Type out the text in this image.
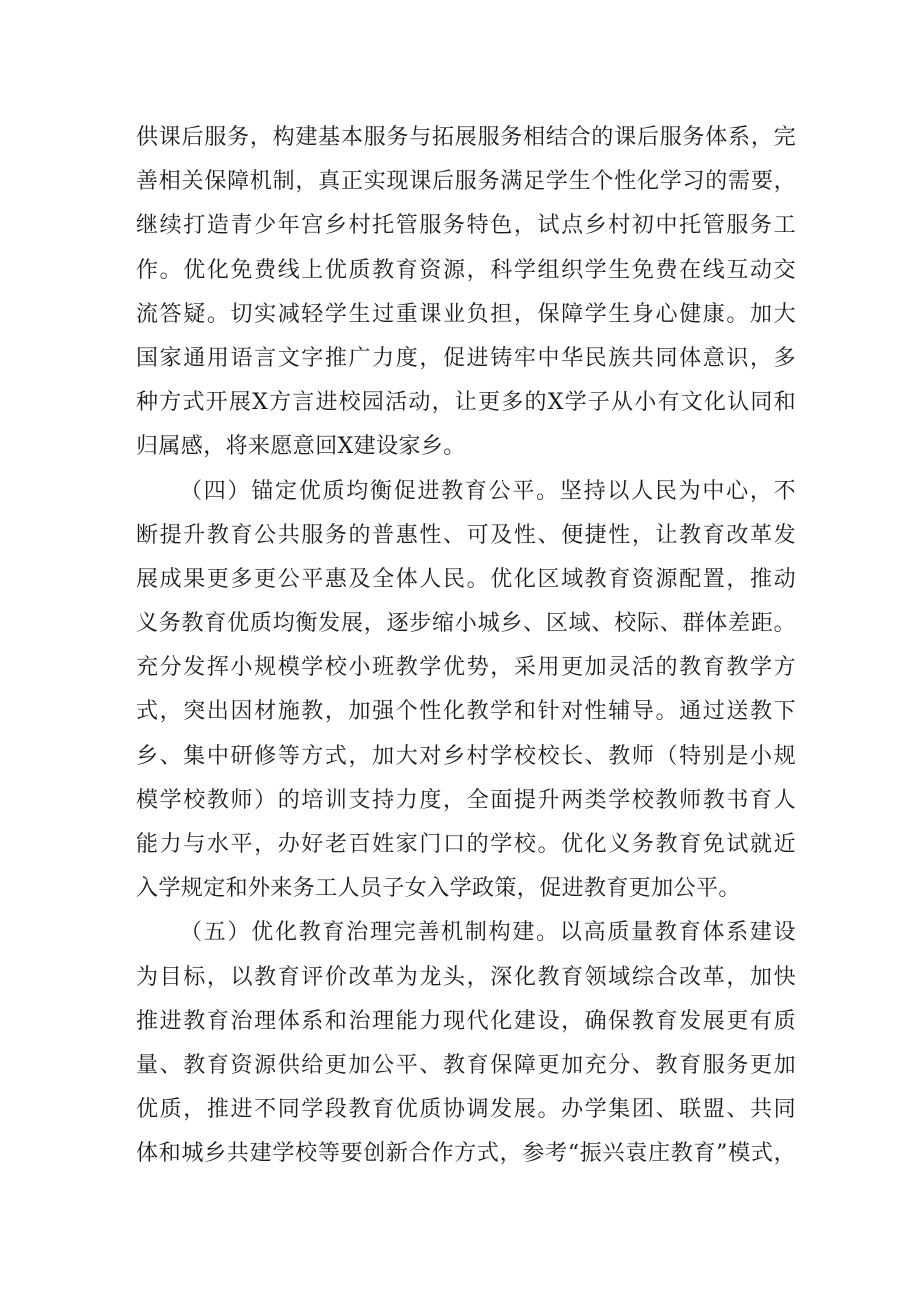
供课后服务，构建基本服务与拓展服务相结合的课后服务体系，完
善相关保障机制，真正实现课后服务满足学生个性化学习的需要，
继续打造青少年宫乡村托管服务特色，试点乡村初中托管服务工
作。优化免费线上优质教育资源，科学组织学生免费在线互动交
流答疑。切实减轻学生过重课业负担，保障学生身心健康。加大
国家通用语言文字推广力度，促进铸牢中华民族共同体意识，多
种方式开展X方言进校园活动，让更多的X学子从小有文化认同和
归属感，将来愿意回X建设家乡。
（四）锚定优质均衡促进教育公平。坚持以人民为中心，不
断提升教育公共服务的普惠性、可及性、便捷性，让教育改革发
展成果更多更公平惠及全体人民。优化区域教育资源配置，推动
义务教育优质均衡发展，逐步缩小城乡、区域、校际、群体差距。
充分发挥小规模学校小班教学优势，采用更加灵活的教育教学方
式，突出因材施教，加强个性化教学和针对性辅导。通过送教下
乡、集中研修等方式，加大对乡村学校校长、教师（特别是小规
模学校教师）的培训支持力度，全面提升两类学校教师教书育人
能力与水平，办好老百姓家门口的学校。优化义务教育免试就近
入学规定和外来务工人员子女入学政策，促进教育更加公平。
（五）优化教育治理完善机制构建。以高质量教育体系建设
为目标，以教育评价改革为龙头，深化教育领域综合改革，加快
推进教育治理体系和治理能力现代化建设，确保教育发展更有质
量、教育资源供给更加公平、教育保障更加充分、教育服务更加
优质，推进不同学段教育优质协调发展。办学集团、联盟、共同
体和城乡共建学校等要创新合作方式，参考“振兴袁庄教育”模式，
